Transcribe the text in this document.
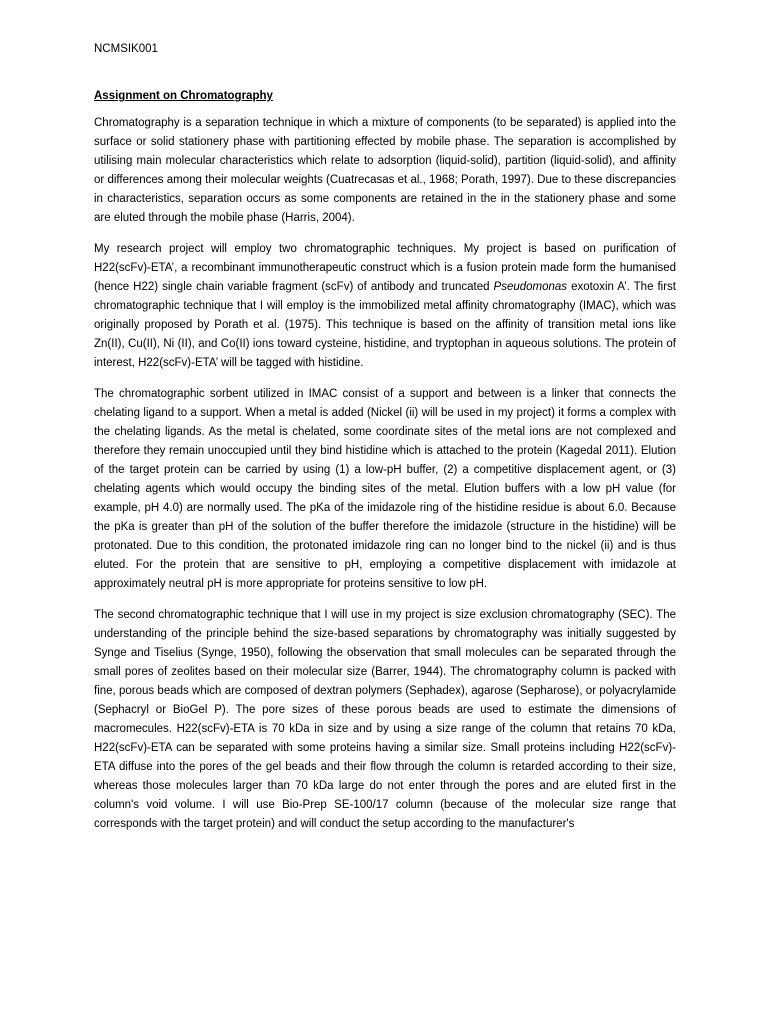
NCMSIK001
Assignment on Chromatography

Chromatography is a separation technique in which a mixture of components (to be separated) is applied into the surface or solid stationery phase with partitioning effected by mobile phase. The separation is accomplished by utilising main molecular characteristics which relate to adsorption (liquid-solid), partition (liquid-solid), and affinity or differences among their molecular weights (Cuatrecasas et al., 1968; Porath, 1997). Due to these discrepancies in characteristics, separation occurs as some components are retained in the in the stationery phase and some are eluted through the mobile phase (Harris, 2004).

My research project will employ two chromatographic techniques. My project is based on purification of H22(scFv)-ETA’, a recombinant immunotherapeutic construct which is a fusion protein made form the humanised (hence H22) single chain variable fragment (scFv) of antibody and truncated Pseudomonas exotoxin A’. The first chromatographic technique that I will employ is the immobilized metal affinity chromatography (IMAC), which was originally proposed by Porath et al. (1975). This technique is based on the affinity of transition metal ions like Zn(II), Cu(II), Ni (II), and Co(II) ions toward cysteine, histidine, and tryptophan in aqueous solutions. The protein of interest, H22(scFv)-ETA’ will be tagged with histidine.

The chromatographic sorbent utilized in IMAC consist of a support and between is a linker that connects the chelating ligand to a support. When a metal is added (Nickel (ii) will be used in my project) it forms a complex with the chelating ligands. As the metal is chelated, some coordinate sites of the metal ions are not complexed and therefore they remain unoccupied until they bind histidine which is attached to the protein (Kagedal 2011). Elution of the target protein can be carried by using (1) a low-pH buffer, (2) a competitive displacement agent, or (3) chelating agents which would occupy the binding sites of the metal. Elution buffers with a low pH value (for example, pH 4.0) are normally used. The pKa of the imidazole ring of the histidine residue is about 6.0. Because the pKa is greater than pH of the solution of the buffer therefore the imidazole (structure in the histidine) will be protonated. Due to this condition, the protonated imidazole ring can no longer bind to the nickel (ii) and is thus eluted. For the protein that are sensitive to pH, employing a competitive displacement with imidazole at approximately neutral pH is more appropriate for proteins sensitive to low pH.

The second chromatographic technique that I will use in my project is size exclusion chromatography (SEC). The understanding of the principle behind the size-based separations by chromatography was initially suggested by Synge and Tiselius (Synge, 1950), following the observation that small molecules can be separated through the small pores of zeolites based on their molecular size (Barrer, 1944). The chromatography column is packed with fine, porous beads which are composed of dextran polymers (Sephadex), agarose (Sepharose), or polyacrylamide (Sephacryl or BioGel P). The pore sizes of these porous beads are used to estimate the dimensions of macromecules. H22(scFv)-ETA is 70 kDa in size and by using a size range of the column that retains 70 kDa, H22(scFv)-ETA can be separated with some proteins having a similar size. Small proteins including H22(scFv)-ETA diffuse into the pores of the gel beads and their flow through the column is retarded according to their size, whereas those molecules larger than 70 kDa large do not enter through the pores and are eluted first in the column's void volume. I will use Bio-Prep SE-100/17 column (because of the molecular size range that corresponds with the target protein) and will conduct the setup according to the manufacturer's
